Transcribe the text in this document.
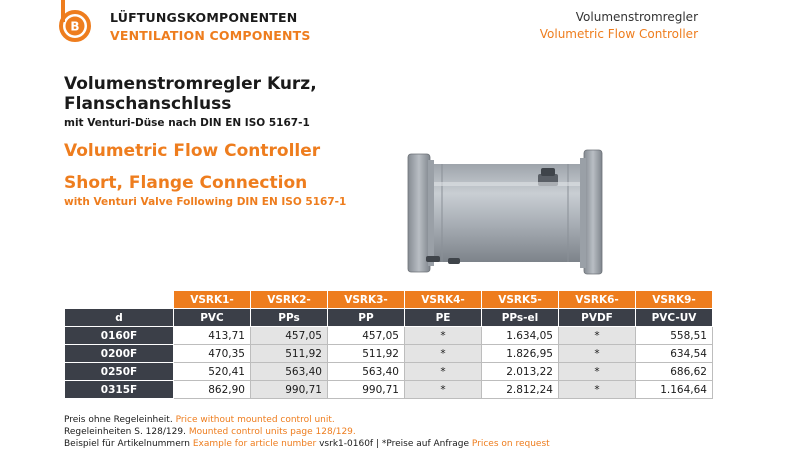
B
LÜFTUNGSKOMPONENTEN
VENTILATION COMPONENTS
Volumenstromregler
Volumetric Flow Controller
Volumenstromregler Kurz,
Flanschanschluss
mit Venturi-Düse nach DIN EN ISO 5167-1
Volumetric Flow Controller
Short, Flange Connection
with Venturi Valve Following DIN EN ISO 5167-1
	VSRK1-	VSRK2-	VSRK3-	VSRK4-	VSRK5-	VSRK6-	VSRK9-
d	PVC	PPs	PP	PE	PPs-el	PVDF	PVC-UV
0160F	413,71	457,05	457,05	*	1.634,05	*	558,51
0200F	470,35	511,92	511,92	*	1.826,95	*	634,54
0250F	520,41	563,40	563,40	*	2.013,22	*	686,62
0315F	862,90	990,71	990,71	*	2.812,24	*	1.164,64
Preis ohne Regeleinheit. Price without mounted control unit.
Regeleinheiten S. 128/129. Mounted control units page 128/129.
Beispiel für Artikelnummern Example for article number vsrk1-0160f | *Preise auf Anfrage Prices on request
